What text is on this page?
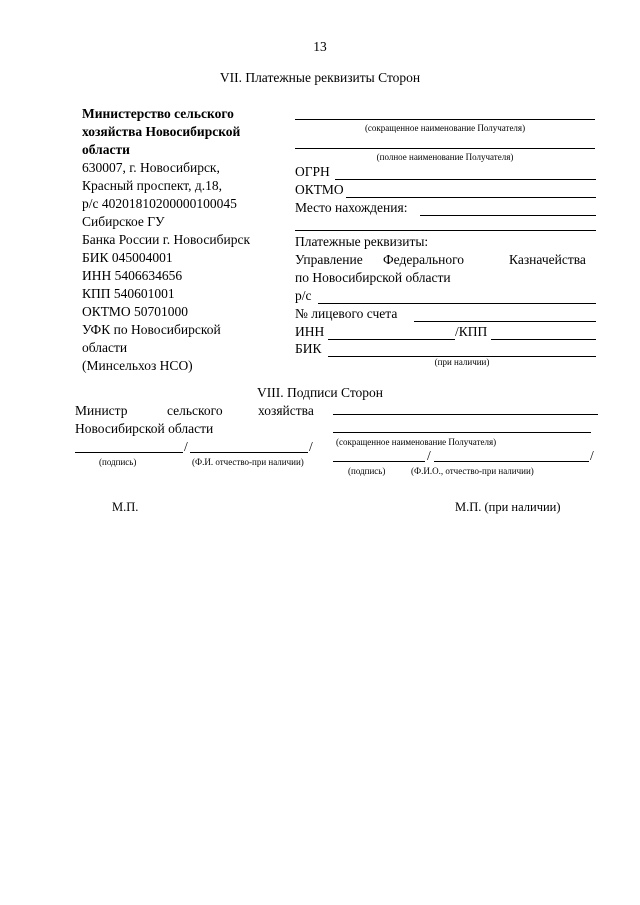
13
VII. Платежные реквизиты Сторон
Министерство сельского
хозяйства Новосибирской
области
630007, г. Новосибирск,
Красный проспект, д.18,
р/с 40201810200000100045
Сибирское ГУ
Банка России г. Новосибирск
БИК 045004001
ИНН 5406634656
КПП 540601001
ОКТМО 50701000
УФК по Новосибирской
области
(Минсельхоз НСО)
(сокращенное наименование Получателя)
(полное наименование Получателя)
ОГРН
ОКТМО
Место нахождения:
Платежные реквизиты:
Управление Федерального	Казначейства
по Новосибирской области
р/с
№ лицевого счета
ИНН	/КПП
БИК
(при наличии)
VIII. Подписи Сторон
Министр	сельского	хозяйства
Новосибирской области
/	/
(подпись)	(Ф.И. отчество-при наличии)
(сокращенное наименование Получателя)
/	/
(подпись)	(Ф.И.О., отчество-при наличии)
М.П.	М.П. (при наличии)
